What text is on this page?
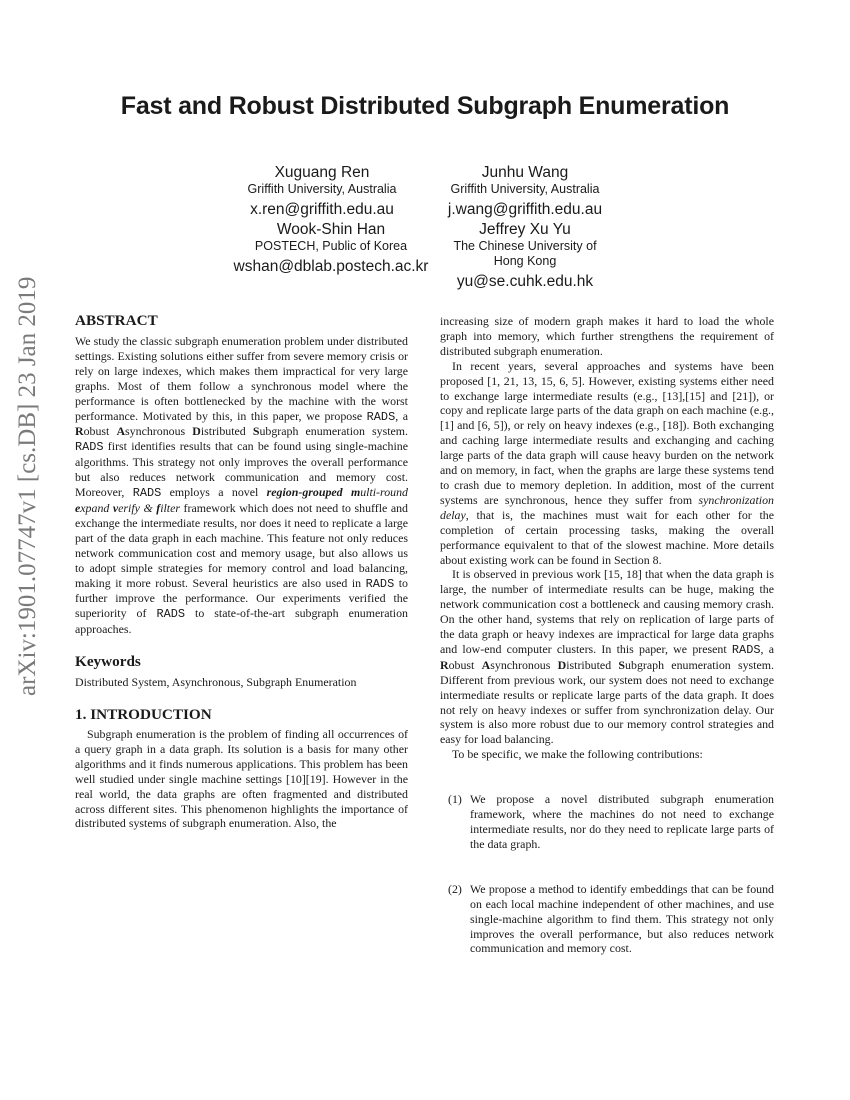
arXiv:1901.07747v1 [cs.DB] 23 Jan 2019
Fast and Robust Distributed Subgraph Enumeration
Xuguang Ren
Griffith University, Australia
x.ren@griffith.edu.au
Junhu Wang
Griffith University, Australia
j.wang@griffith.edu.au
Wook-Shin Han
POSTECH, Public of Korea
wshan@dblab.postech.ac.kr
Jeffrey Xu Yu
The Chinese University of
Hong Kong
yu@se.cuhk.edu.hk
ABSTRACT

We study the classic subgraph enumeration problem under distributed settings. Existing solutions either suffer from severe memory crisis or rely on large indexes, which makes them impractical for very large graphs. Most of them follow a synchronous model where the performance is often bottlenecked by the machine with the worst performance. Motivated by this, in this paper, we propose RADS, a Robust Asynchronous Distributed Subgraph enumeration system. RADS first identifies results that can be found using single-machine algorithms. This strategy not only improves the overall performance but also reduces network communication and memory cost. Moreover, RADS employs a novel region-grouped multi-round expand verify & filter framework which does not need to shuffle and exchange the intermediate results, nor does it need to replicate a large part of the data graph in each machine. This feature not only reduces network communication cost and memory usage, but also allows us to adopt simple strategies for memory control and load balancing, making it more robust. Several heuristics are also used in RADS to further improve the performance. Our experiments verified the superiority of RADS to state-of-the-art subgraph enumeration approaches.

Keywords

Distributed System, Asynchronous, Subgraph Enumeration

1. INTRODUCTION

Subgraph enumeration is the problem of finding all occurrences of a query graph in a data graph. Its solution is a basis for many other algorithms and it finds numerous applications. This problem has been well studied under single machine settings [10][19]. However in the real world, the data graphs are often fragmented and distributed across different sites. This phenomenon highlights the importance of distributed systems of subgraph enumeration. Also, the

increasing size of modern graph makes it hard to load the whole graph into memory, which further strengthens the requirement of distributed subgraph enumeration.

In recent years, several approaches and systems have been proposed [1, 21, 13, 15, 6, 5]. However, existing systems either need to exchange large intermediate results (e.g., [13],[15] and [21]), or copy and replicate large parts of the data graph on each machine (e.g., [1] and [6, 5]), or rely on heavy indexes (e.g., [18]). Both exchanging and caching large intermediate results and exchanging and caching large parts of the data graph will cause heavy burden on the network and on memory, in fact, when the graphs are large these systems tend to crash due to memory depletion. In addition, most of the current systems are synchronous, hence they suffer from synchronization delay, that is, the machines must wait for each other for the completion of certain processing tasks, making the overall performance equivalent to that of the slowest machine. More details about existing work can be found in Section 8.

It is observed in previous work [15, 18] that when the data graph is large, the number of intermediate results can be huge, making the network communication cost a bottleneck and causing memory crash. On the other hand, systems that rely on replication of large parts of the data graph or heavy indexes are impractical for large data graphs and low-end computer clusters. In this paper, we present RADS, a Robust Asynchronous Distributed Subgraph enumeration system. Different from previous work, our system does not need to exchange intermediate results or replicate large parts of the data graph. It does not rely on heavy indexes or suffer from synchronization delay. Our system is also more robust due to our memory control strategies and easy for load balancing.

To be specific, we make the following contributions:

(1) We propose a novel distributed subgraph enumeration framework, where the machines do not need to exchange intermediate results, nor do they need to replicate large parts of the data graph.

(2) We propose a method to identify embeddings that can be found on each local machine independent of other machines, and use single-machine algorithm to find them. This strategy not only improves the overall performance, but also reduces network communication and memory cost.
